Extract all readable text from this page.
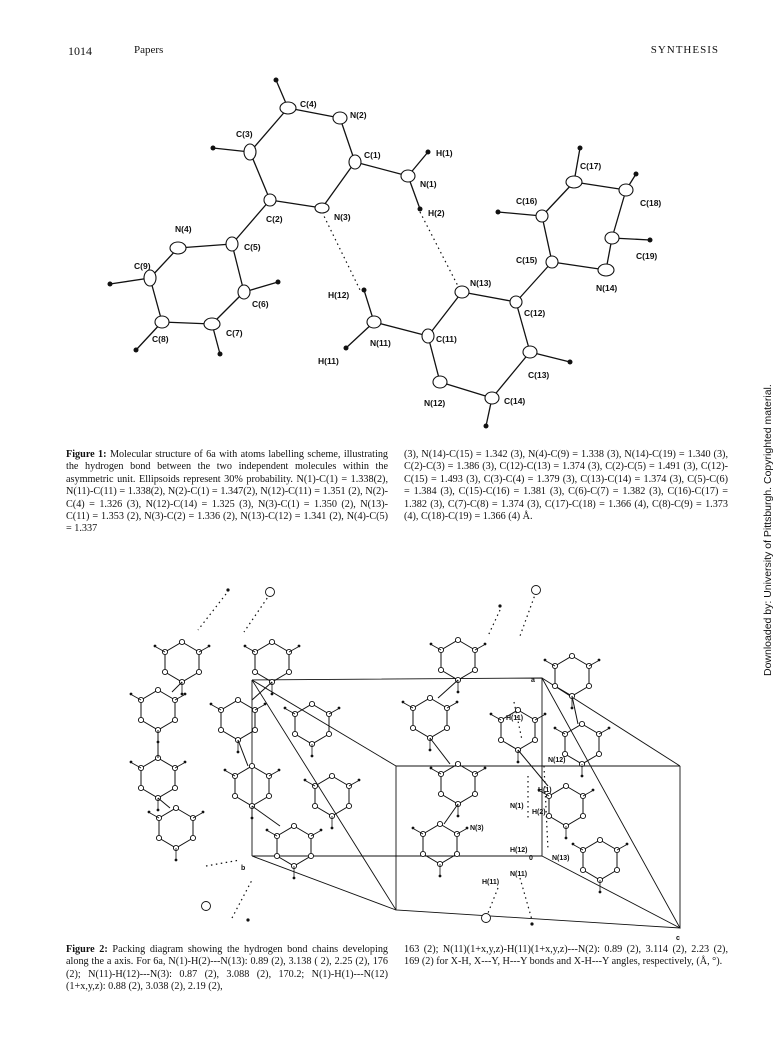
1014	Papers	SYNTHESIS
C(4)
N(2)
C(3)
C(1)	H(1)
N(1)
C(2)	N(3)	H(2)
N(4)
C(5)
C(9)
C(6)
C(8)
C(7)
H(12)
N(11)
H(11)
C(11)
N(13)
C(12)
C(13)
N(12)	C(14)
C(15)
C(16)
C(17)
C(18)
C(19)
N(14)
Figure 1: Molecular structure of 6a with atoms labelling scheme, illustrating the hydrogen bond between the two independent molecules within the asymmetric unit. Ellipsoids represent 30% probability. N(1)-C(1) = 1.338(2), N(11)-C(11) = 1.338(2), N(2)-C(1) = 1.347(2), N(12)-C(11) = 1.351 (2), N(2)-C(4) = 1.326 (3), N(12)-C(14) = 1.325 (3), N(3)-C(1) = 1.350 (2), N(13)-C(11) = 1.353 (2), N(3)-C(2) = 1.336 (2), N(13)-C(12) = 1.341 (2), N(4)-C(5) = 1.337
(3), N(14)-C(15) = 1.342 (3), N(4)-C(9) = 1.338 (3), N(14)-C(19) = 1.340 (3), C(2)-C(3) = 1.386 (3), C(12)-C(13) = 1.374 (3), C(2)-C(5) = 1.491 (3), C(12)-C(15) = 1.493 (3), C(3)-C(4) = 1.379 (3), C(13)-C(14) = 1.374 (3), C(5)-C(6) = 1.384 (3), C(15)-C(16) = 1.381 (3), C(6)-C(7) = 1.382 (3), C(16)-C(17) = 1.382 (3), C(7)-C(8) = 1.374 (3), C(17)-C(18) = 1.366 (4), C(8)-C(9) = 1.373 (4), C(18)-C(19) = 1.366 (4) Å.
a
b
c
0
H(11)
N(12)
H(1)
N(1)
H(2)
N(3)
H(12)
N(13)
N(11)
H(11)
Figure 2: Packing diagram showing the hydrogen bond chains developing along the a axis. For 6a, N(1)-H(2)---N(13): 0.89 (2), 3.138 ( 2), 2.25 (2), 176 (2); N(11)-H(12)---N(3): 0.87 (2), 3.088 (2), 170.2; N(1)-H(1)---N(12)(1+x,y,z): 0.88 (2), 3.038 (2), 2.19 (2),
163 (2); N(11)(1+x,y,z)-H(11)(1+x,y,z)---N(2): 0.89 (2), 3.114 (2), 2.23 (2), 169 (2) for X-H, X---Y, H---Y bonds and X-H---Y angles, respectively, (Å, °).
Downloaded by: University of Pittsburgh. Copyrighted material.
